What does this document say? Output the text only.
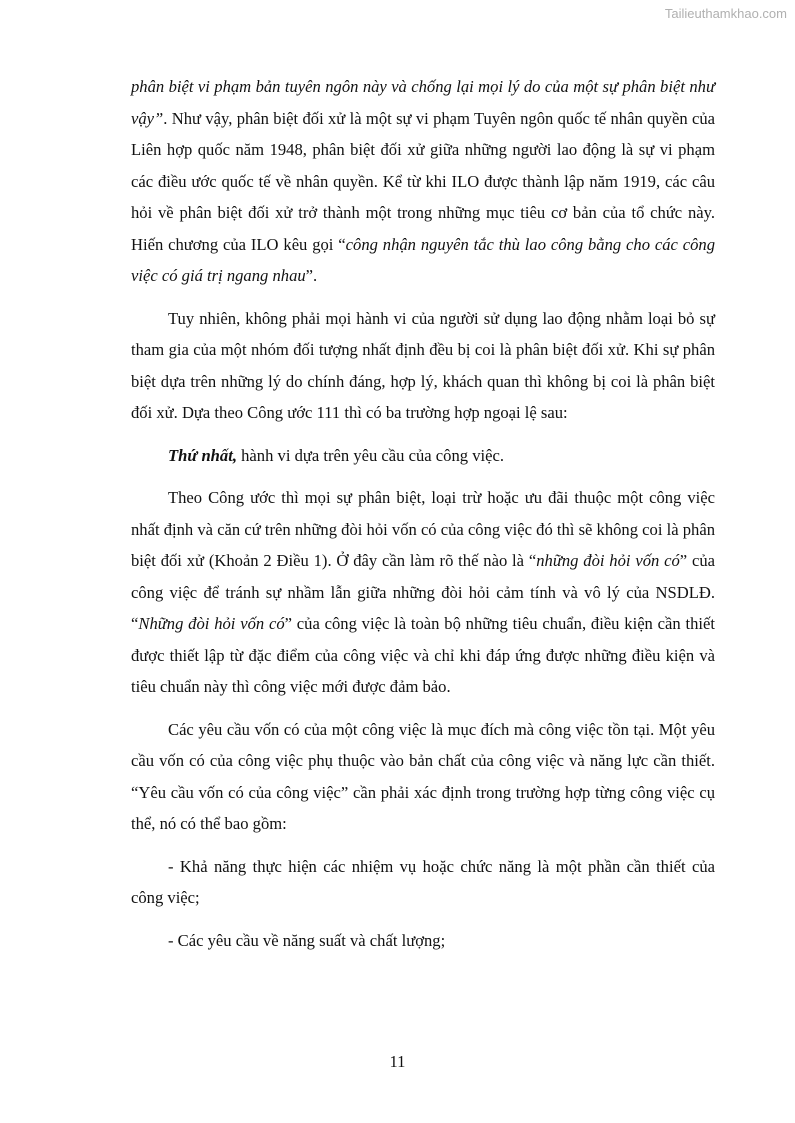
Tailieuthamkhao.com

phân biệt vi phạm bản tuyên ngôn này và chống lại mọi lý do của một sự phân biệt như vậy”. Như vậy, phân biệt đối xử là một sự vi phạm Tuyên ngôn quốc tế nhân quyền của Liên hợp quốc năm 1948, phân biệt đối xử giữa những người lao động là sự vi phạm các điều ước quốc tế về nhân quyền. Kể từ khi ILO được thành lập năm 1919, các câu hỏi về phân biệt đối xử trở thành một trong những mục tiêu cơ bản của tổ chức này. Hiến chương của ILO kêu gọi “công nhận nguyên tắc thù lao công bằng cho các công việc có giá trị ngang nhau”.

Tuy nhiên, không phải mọi hành vi của người sử dụng lao động nhằm loại bỏ sự tham gia của một nhóm đối tượng nhất định đều bị coi là phân biệt đối xử. Khi sự phân biệt dựa trên những lý do chính đáng, hợp lý, khách quan thì không bị coi là phân biệt đối xử. Dựa theo Công ước 111 thì có ba trường hợp ngoại lệ sau:

Thứ nhất, hành vi dựa trên yêu cầu của công việc.

Theo Công ước thì mọi sự phân biệt, loại trừ hoặc ưu đãi thuộc một công việc nhất định và căn cứ trên những đòi hỏi vốn có của công việc đó thì sẽ không coi là phân biệt đối xử (Khoản 2 Điều 1). Ở đây cần làm rõ thế nào là “những đòi hỏi vốn có” của công việc để tránh sự nhầm lẫn giữa những đòi hỏi cảm tính và vô lý của NSDLĐ. “Những đòi hỏi vốn có” của công việc là toàn bộ những tiêu chuẩn, điều kiện cần thiết được thiết lập từ đặc điểm của công việc và chỉ khi đáp ứng được những điều kiện và tiêu chuẩn này thì công việc mới được đảm bảo.

Các yêu cầu vốn có của một công việc là mục đích mà công việc tồn tại. Một yêu cầu vốn có của công việc phụ thuộc vào bản chất của công việc và năng lực cần thiết. “Yêu cầu vốn có của công việc” cần phải xác định trong trường hợp từng công việc cụ thể, nó có thể bao gồm:

- Khả năng thực hiện các nhiệm vụ hoặc chức năng là một phần cần thiết của công việc;

- Các yêu cầu về năng suất và chất lượng;

11
